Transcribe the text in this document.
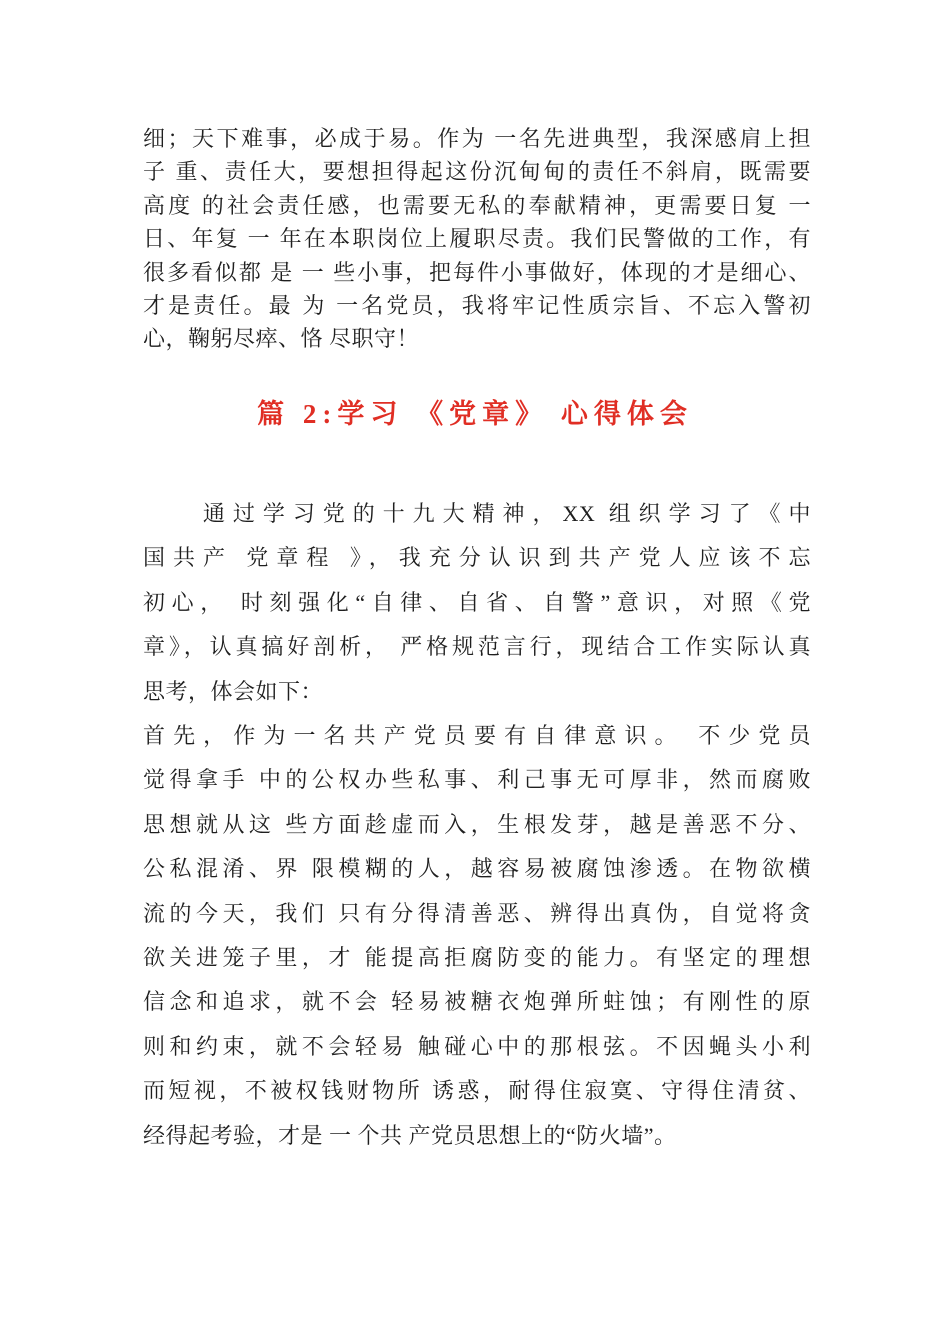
细；天下难事，必成于易。作为 一名先进典型，我深感肩上担
子 重、责任大，要想担得起这份沉甸甸的责任不斜肩，既需要
高度 的社会责任感，也需要无私的奉献精神，更需要日复 一
日、年复 一 年在本职岗位上履职尽责。我们民警做的工作，有
很多看似都 是 一 些小事，把每件小事做好，体现的才是细心、
才是责任。最 为 一名党员，我将牢记性质宗旨、不忘入警初
心，鞠躬尽瘁、恪 尽职守！
篇 2:学习 《党章》 心得体会
　　通过学习党的十九大精神，XX 组织学习了《中
国共产 党章程 》，我充分认识到共产党人应该不忘
初心， 时刻强化“自律、自省、自警”意识，对照《党
章》，认真搞好剖析， 严格规范言行，现结合工作实际认真
思考，体会如下：
首先，作为一名共产党员要有自律意识。 不少党员
觉得拿手 中的公权办些私事、利己事无可厚非，然而腐败
思想就从这 些方面趁虚而入，生根发芽，越是善恶不分、
公私混淆、界 限模糊的人，越容易被腐蚀渗透。在物欲横
流的今天，我们 只有分得清善恶、辨得出真伪，自觉将贪
欲关进笼子里，才 能提高拒腐防变的能力。有坚定的理想
信念和追求，就不会 轻易被糖衣炮弹所蛀蚀；有刚性的原
则和约束，就不会轻易 触碰心中的那根弦。不因蝇头小利
而短视，不被权钱财物所 诱惑，耐得住寂寞、守得住清贫、
经得起考验，才是 一 个共 产党员思想上的“防火墙”。
